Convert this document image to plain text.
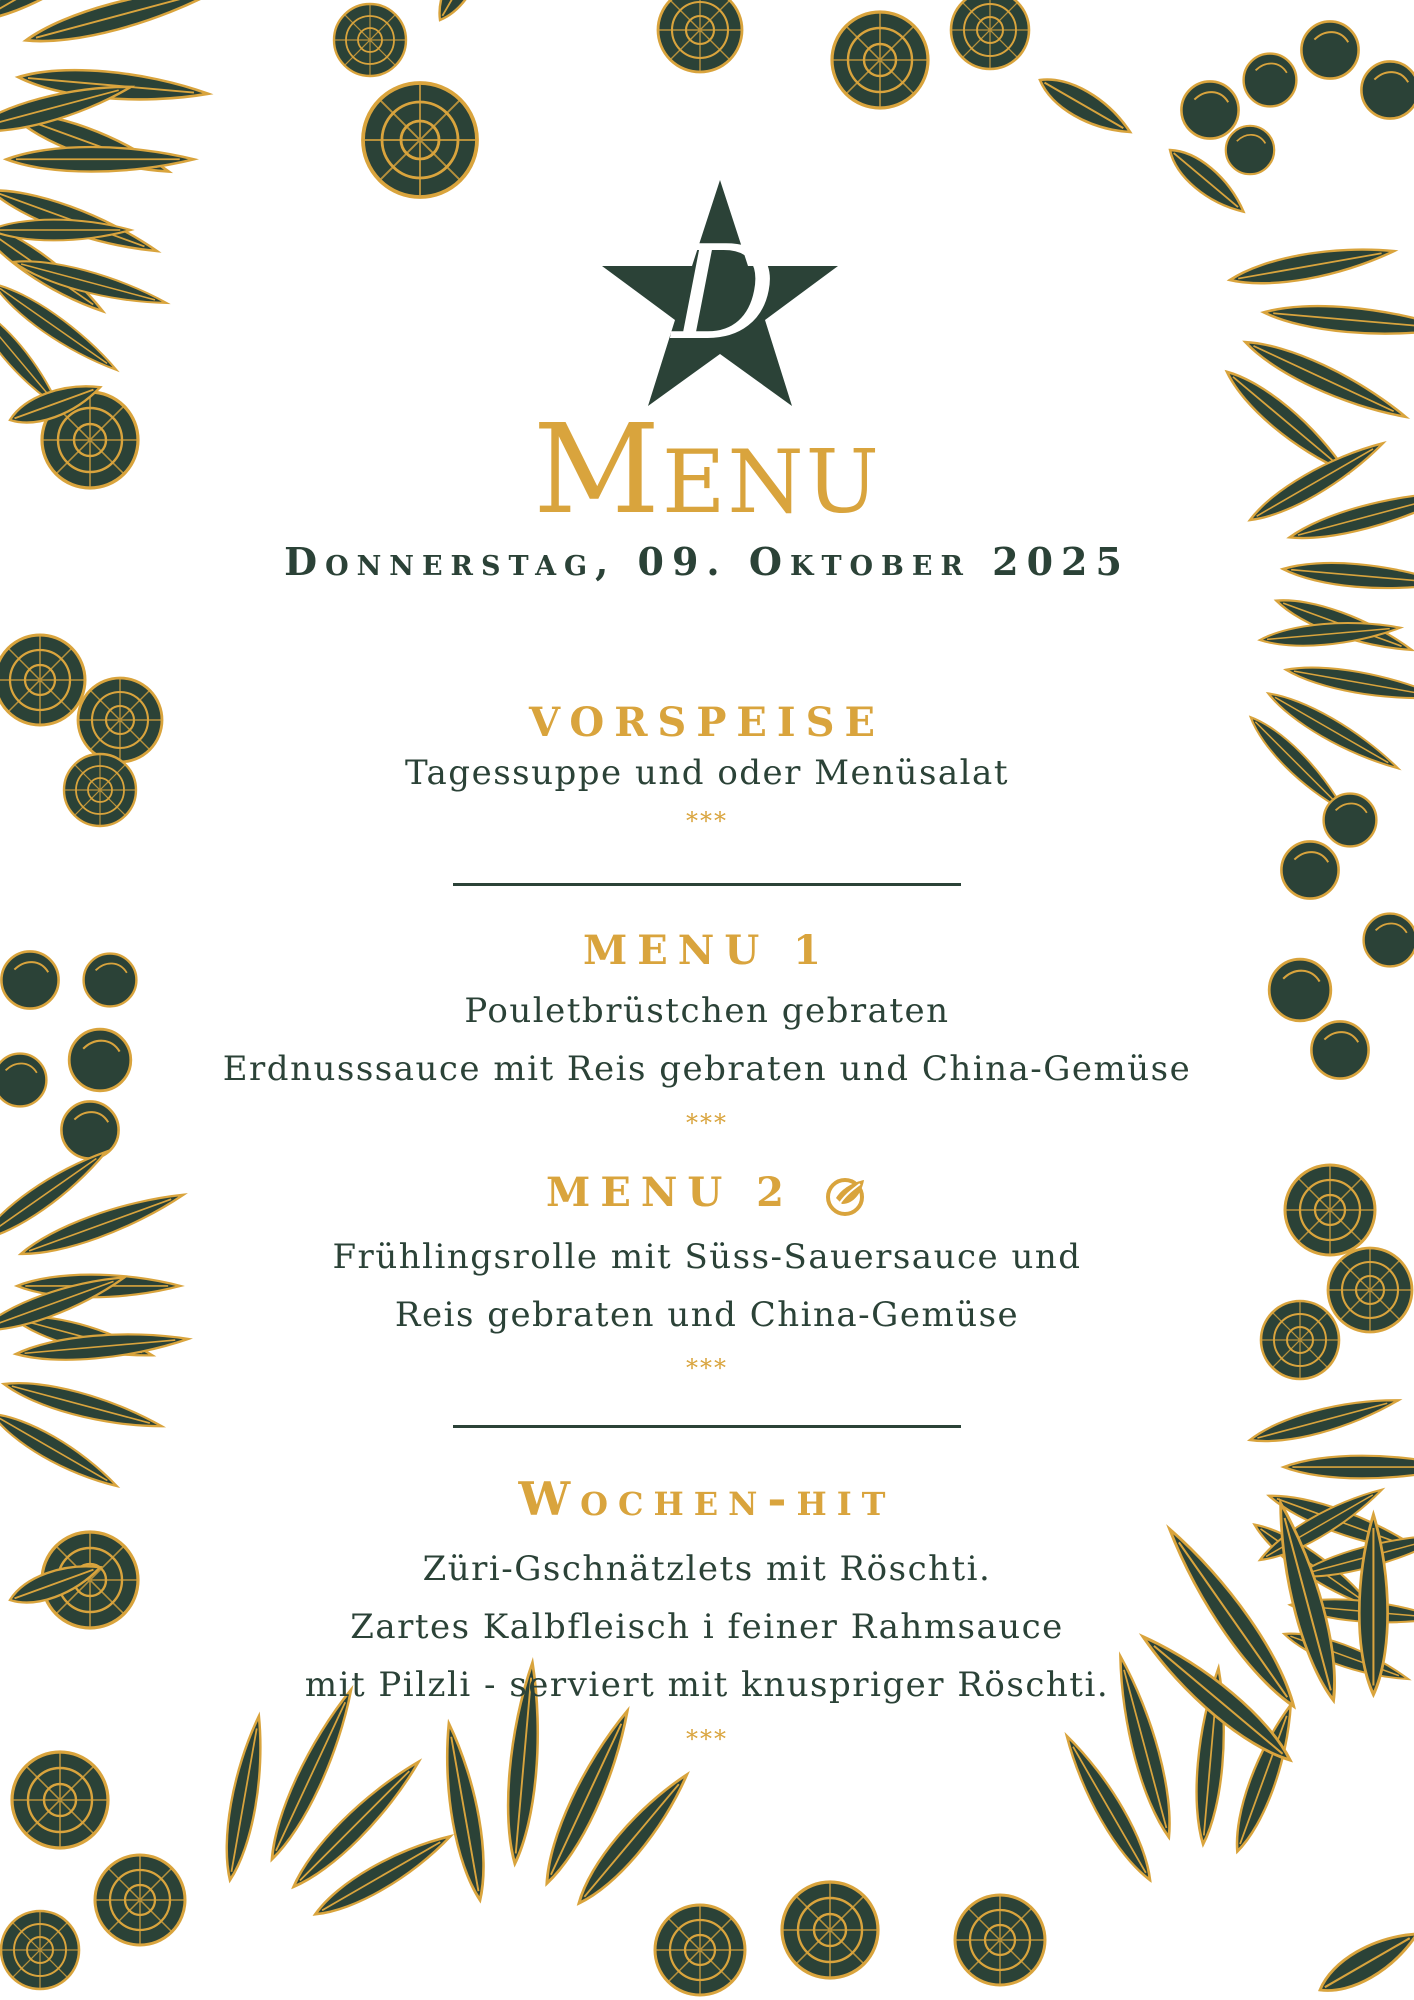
D
Menu
Donnerstag, 09. Oktober 2025
VORSPEISE
Tagessuppe und oder Menüsalat
***
MENU 1
Pouletbrüstchen gebraten
Erdnusssauce mit Reis gebraten und China-Gemüse
***
MENU 2
Frühlingsrolle mit Süss-Sauersauce und
Reis gebraten und China-Gemüse
***
Wochen-hit
Züri-Gschnätzlets mit Röschti.
Zartes Kalbfleisch i feiner Rahmsauce
mit Pilzli - serviert mit knuspriger Röschti.
***
